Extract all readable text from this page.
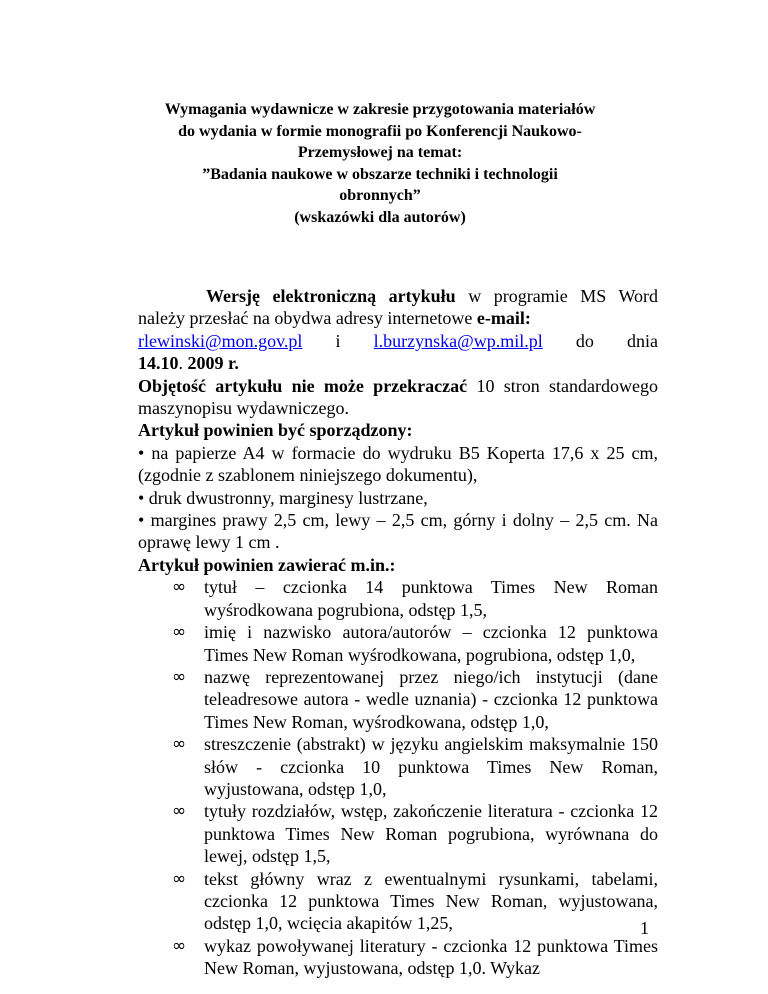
Wymagania wydawnicze w zakresie przygotowania materiałów
do wydania w formie monografii po Konferencji Naukowo-
Przemysłowej na temat:
”Badania naukowe w obszarze techniki i technologii
obronnych”
(wskazówki dla autorów)

Wersję elektroniczną artykułu w programie MS Word należy przesłać na obydwa adresy internetowe e-mail:

rlewinski@mon.gov.pl i l.burzynska@wp.mil.pl do dnia
14.10. 2009 r.

Objętość artykułu nie może przekraczać 10 stron standardowego maszynopisu wydawniczego.

Artykuł powinien być sporządzony:

• na papierze A4 w formacie do wydruku B5 Koperta 17,6 x 25 cm, (zgodnie z szablonem niniejszego dokumentu),

• druk dwustronny, marginesy lustrzane,

• margines prawy 2,5 cm, lewy – 2,5 cm, górny i dolny – 2,5 cm. Na oprawę lewy 1 cm .

Artykuł powinien zawierać m.in.:
∞ tytuł – czcionka 14 punktowa Times New Roman wyśrodkowana pogrubiona, odstęp 1,5,
∞ imię i nazwisko autora/autorów – czcionka 12 punktowa Times New Roman wyśrodkowana, pogrubiona, odstęp 1,0,
∞ nazwę reprezentowanej przez niego/ich instytucji (dane teleadresowe autora - wedle uznania) - czcionka 12 punktowa Times New Roman, wyśrodkowana, odstęp 1,0,
∞ streszczenie (abstrakt) w języku angielskim maksymalnie 150 słów - czcionka 10 punktowa Times New Roman, wyjustowana, odstęp 1,0,
∞ tytuły rozdziałów, wstęp, zakończenie literatura - czcionka 12 punktowa Times New Roman pogrubiona, wyrównana do lewej, odstęp 1,5,
∞ tekst główny wraz z ewentualnymi rysunkami, tabelami, czcionka 12 punktowa Times New Roman, wyjustowana, odstęp 1,0, wcięcia akapitów 1,25,
∞ wykaz powoływanej literatury - czcionka 12 punktowa Times New Roman, wyjustowana, odstęp 1,0. Wykaz
1
